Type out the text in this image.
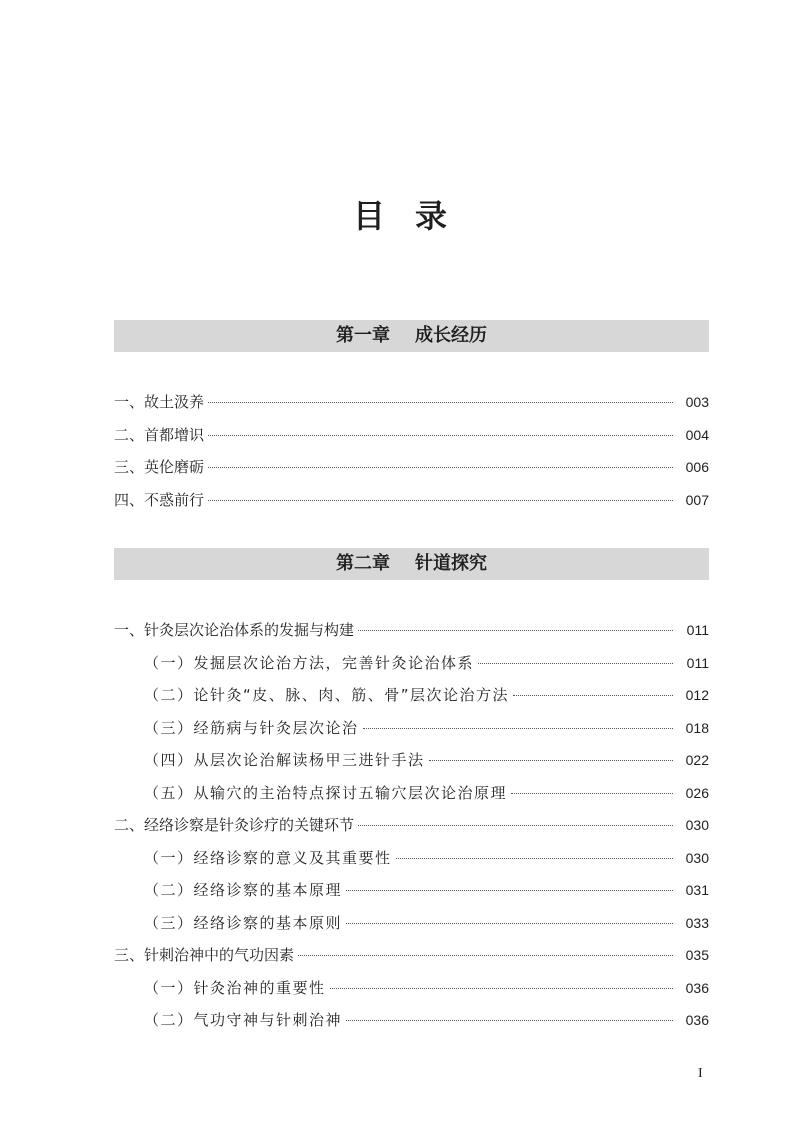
目录
第一章    成长经历
一、故土汲养	003
二、首都增识	004
三、英伦磨砺	006
四、不惑前行	007
第二章    针道探究
一、针灸层次论治体系的发掘与构建	011
（一）发掘层次论治方法，完善针灸论治体系	011
（二）论针灸“皮、脉、肉、筋、骨”层次论治方法	012
（三）经筋病与针灸层次论治	018
（四）从层次论治解读杨甲三进针手法	022
（五）从输穴的主治特点探讨五输穴层次论治原理	026
二、经络诊察是针灸诊疗的关键环节	030
（一）经络诊察的意义及其重要性	030
（二）经络诊察的基本原理	031
（三）经络诊察的基本原则	033
三、针刺治神中的气功因素	035
（一）针灸治神的重要性	036
（二）气功守神与针刺治神	036
I
